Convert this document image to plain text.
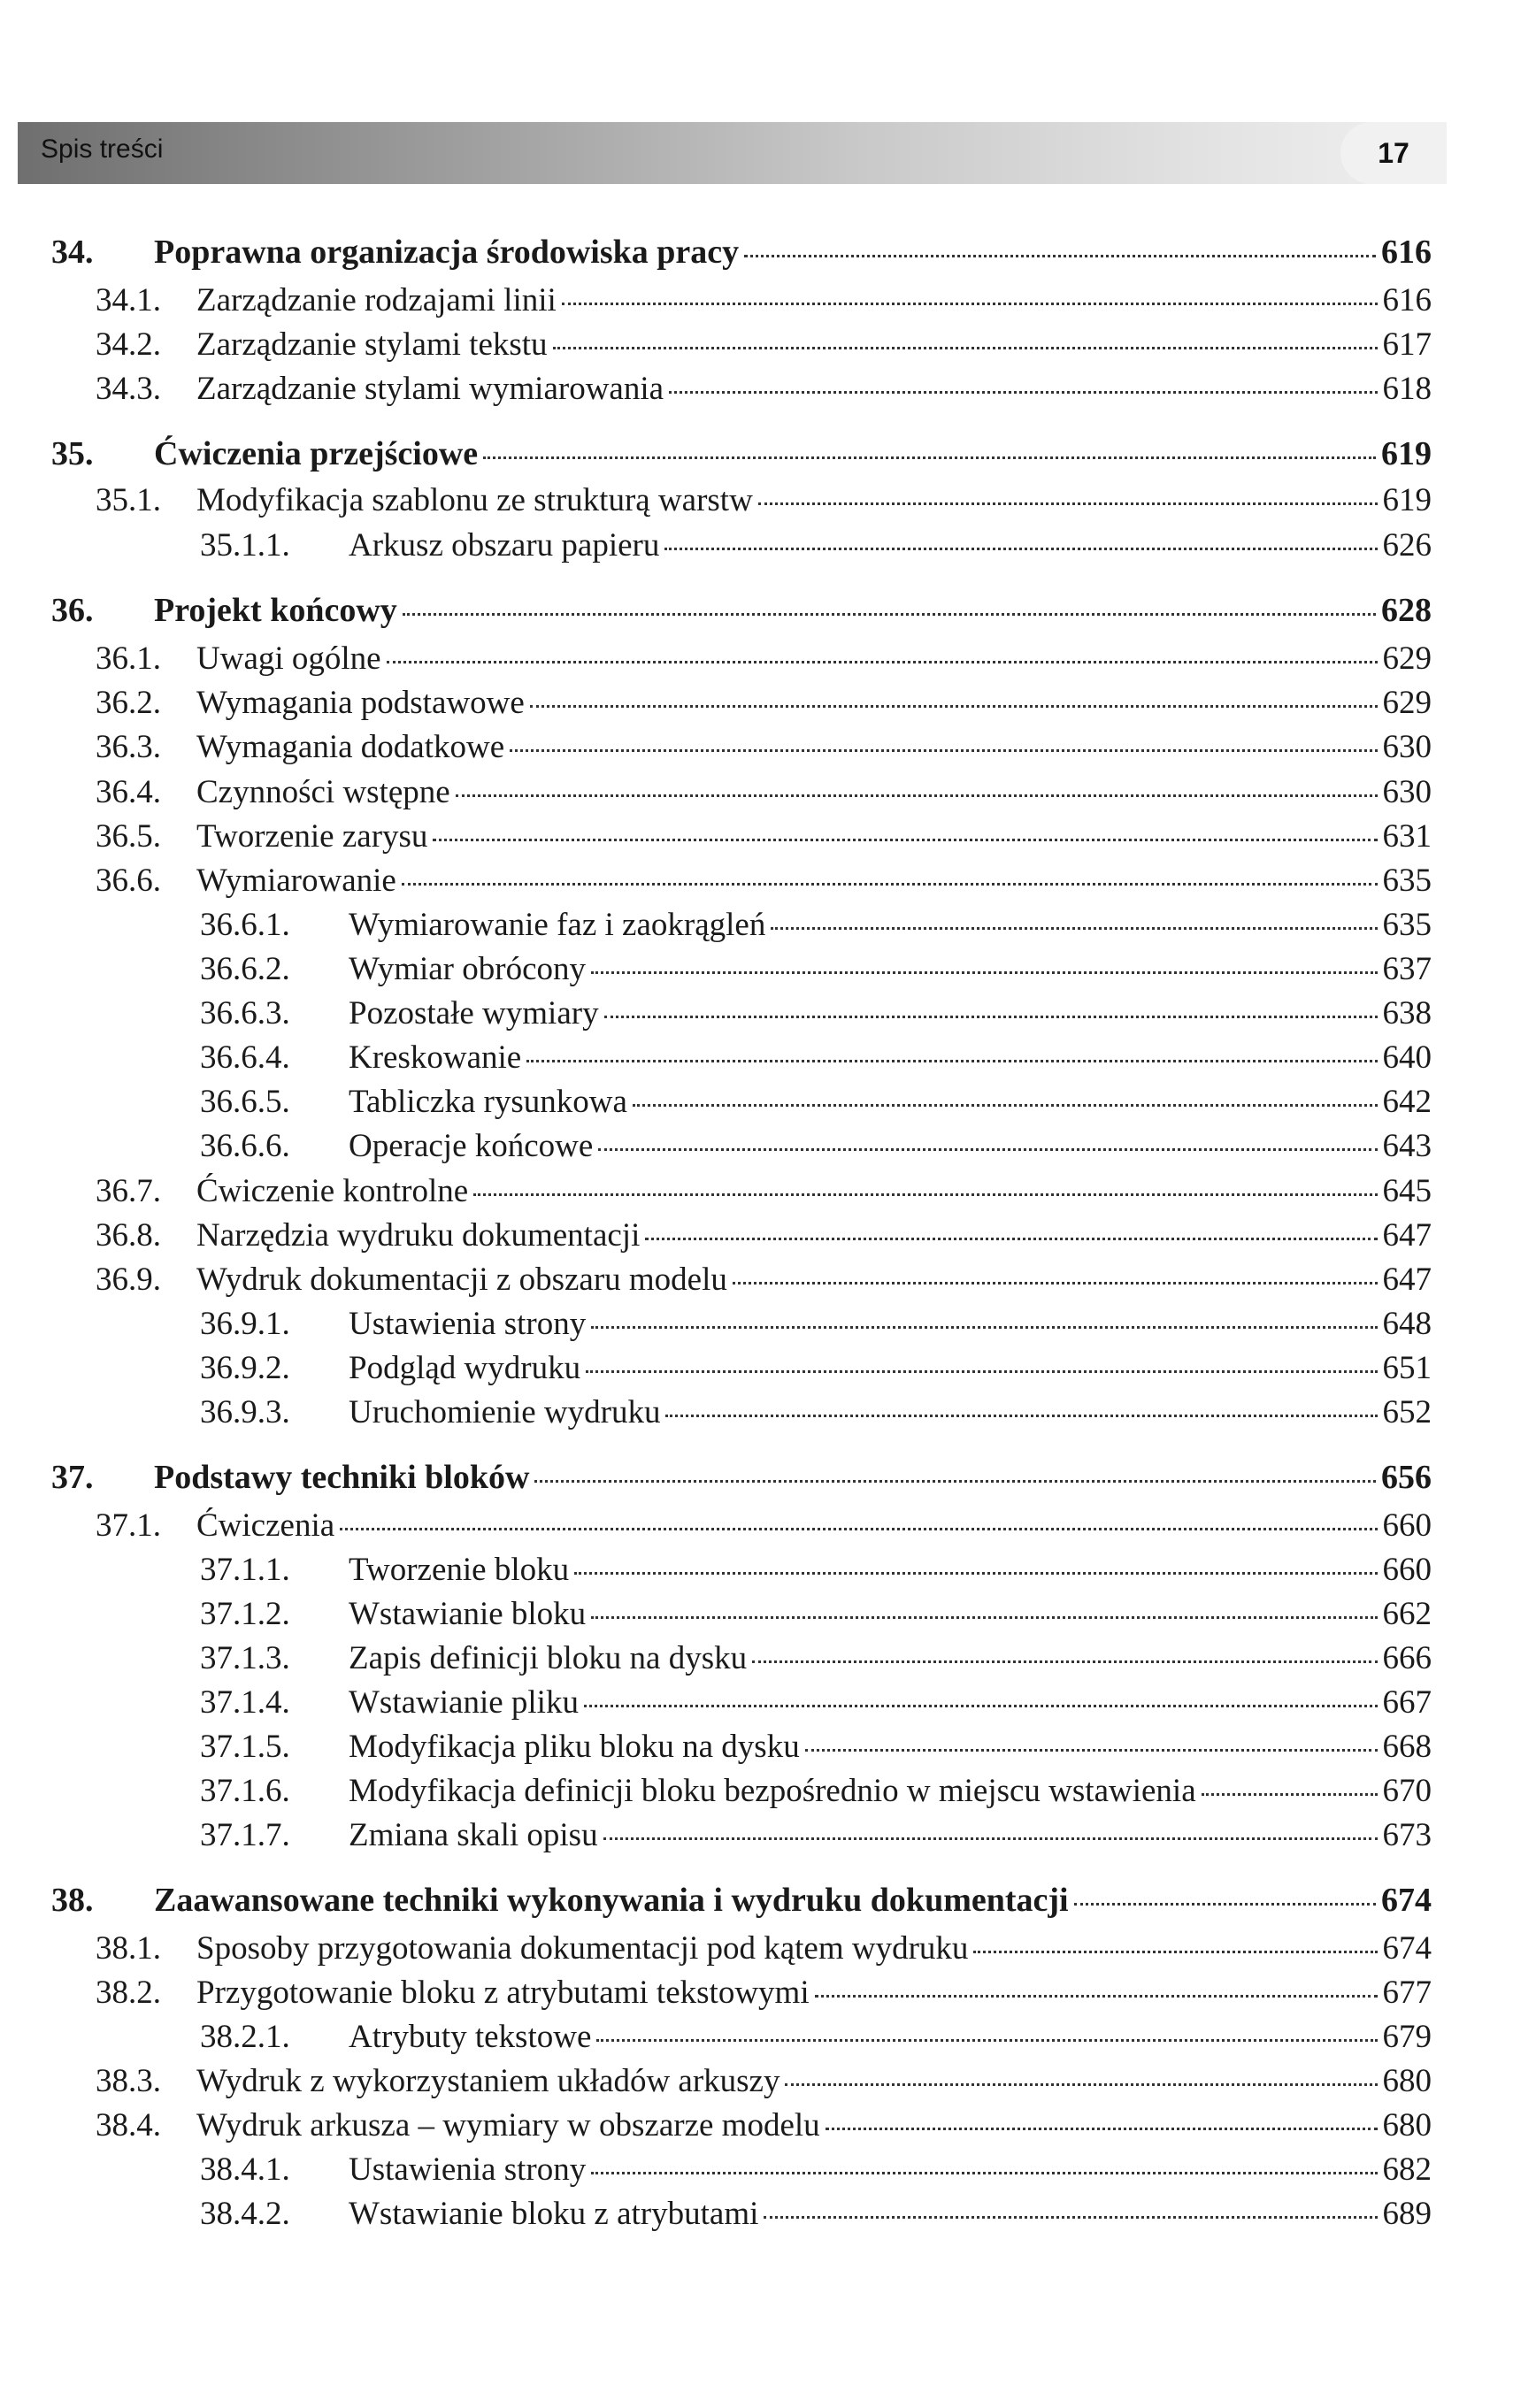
Spis treści	17
34.	Poprawna organizacja środowiska pracy	616
34.1.	Zarządzanie rodzajami linii	616
34.2.	Zarządzanie stylami tekstu	617
34.3.	Zarządzanie stylami wymiarowania	618
35.	Ćwiczenia przejściowe	619
35.1.	Modyfikacja szablonu ze strukturą warstw	619
35.1.1.	Arkusz obszaru papieru	626
36.	Projekt końcowy	628
36.1.	Uwagi ogólne	629
36.2.	Wymagania podstawowe	629
36.3.	Wymagania dodatkowe	630
36.4.	Czynności wstępne	630
36.5.	Tworzenie zarysu	631
36.6.	Wymiarowanie	635
36.6.1.	Wymiarowanie faz i zaokrągleń	635
36.6.2.	Wymiar obrócony	637
36.6.3.	Pozostałe wymiary	638
36.6.4.	Kreskowanie	640
36.6.5.	Tabliczka rysunkowa	642
36.6.6.	Operacje końcowe	643
36.7.	Ćwiczenie kontrolne	645
36.8.	Narzędzia wydruku dokumentacji	647
36.9.	Wydruk dokumentacji z obszaru modelu	647
36.9.1.	Ustawienia strony	648
36.9.2.	Podgląd wydruku	651
36.9.3.	Uruchomienie wydruku	652
37.	Podstawy techniki bloków	656
37.1.	Ćwiczenia	660
37.1.1.	Tworzenie bloku	660
37.1.2.	Wstawianie bloku	662
37.1.3.	Zapis definicji bloku na dysku	666
37.1.4.	Wstawianie pliku	667
37.1.5.	Modyfikacja pliku bloku na dysku	668
37.1.6.	Modyfikacja definicji bloku bezpośrednio w miejscu wstawienia	670
37.1.7.	Zmiana skali opisu	673
38.	Zaawansowane techniki wykonywania i wydruku dokumentacji	674
38.1.	Sposoby przygotowania dokumentacji pod kątem wydruku	674
38.2.	Przygotowanie bloku z atrybutami tekstowymi	677
38.2.1.	Atrybuty tekstowe	679
38.3.	Wydruk z wykorzystaniem układów arkuszy	680
38.4.	Wydruk arkusza – wymiary w obszarze modelu	680
38.4.1.	Ustawienia strony	682
38.4.2.	Wstawianie bloku z atrybutami	689
